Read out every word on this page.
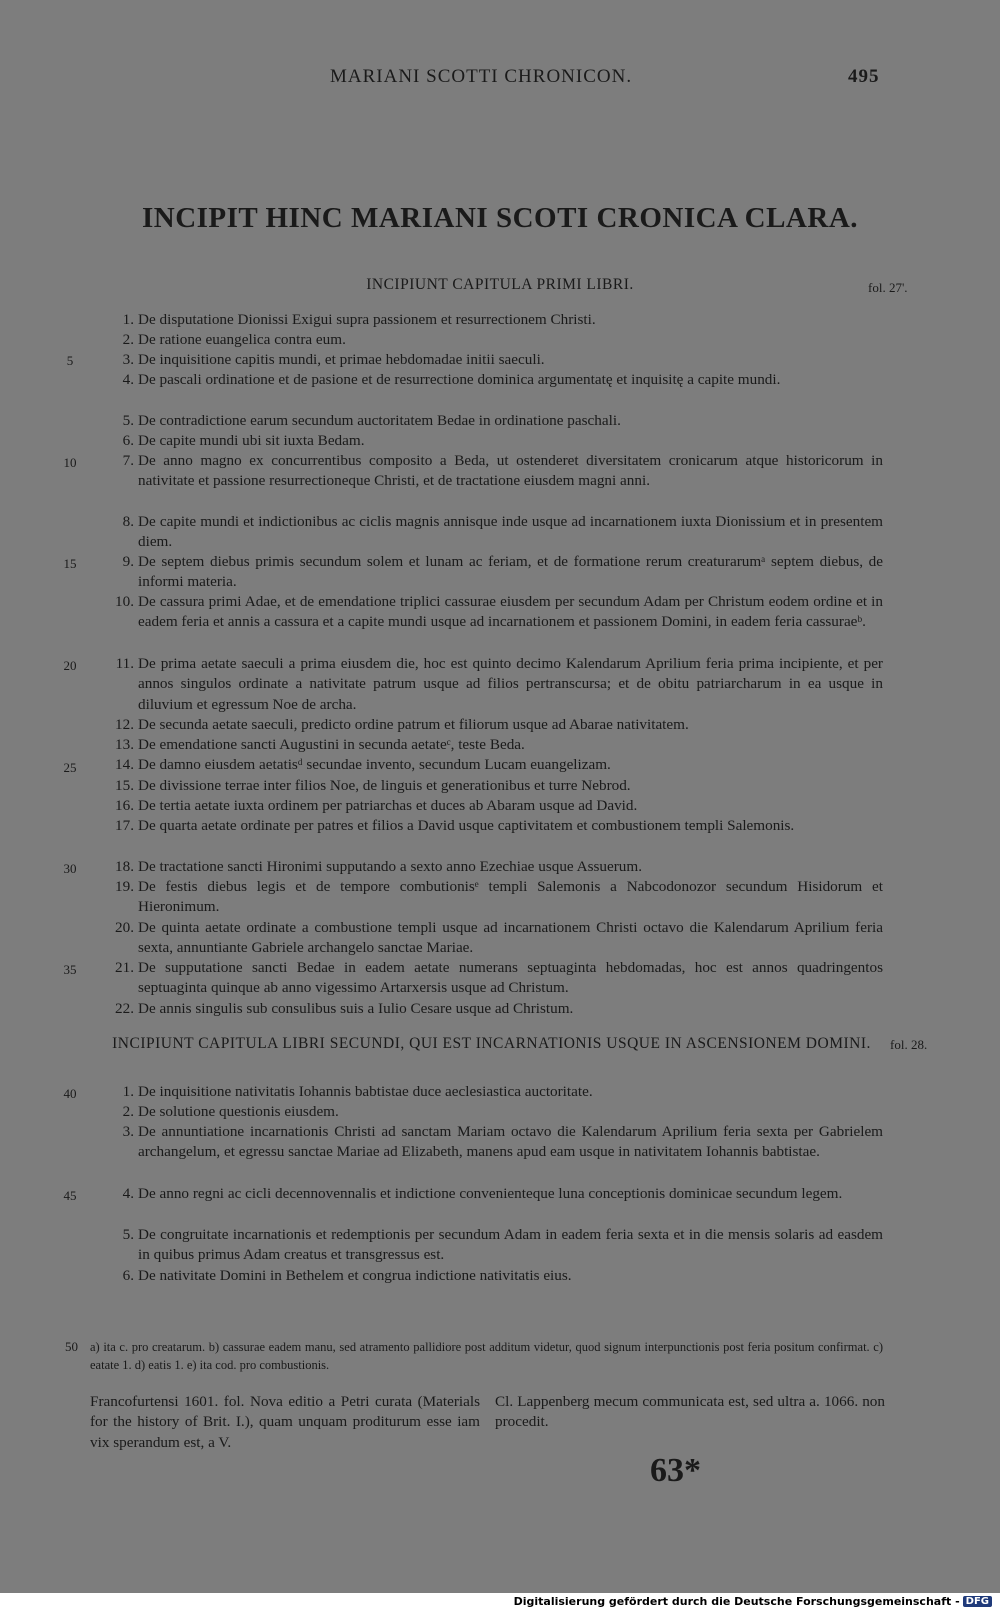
MARIANI SCOTTI CHRONICON.	495
INCIPIT HINC MARIANI SCOTI CRONICA CLARA.
INCIPIUNT CAPITULA PRIMI LIBRI.	fol. 27'.
1. De disputatione Dionissi Exigui supra passionem et resurrectionem Christi.
2. De ratione euangelica contra eum.
3. De inquisitione capitis mundi, et primae hebdomadae initii saeculi.
4. De pascali ordinatione et de pasione et de resurrectione dominica argumentatę et inquisitę a capite mundi.
5. De contradictione earum secundum auctoritatem Bedae in ordinatione paschali.
6. De capite mundi ubi sit iuxta Bedam.
7. De anno magno ex concurrentibus composito a Beda, ut ostenderet diversitatem cronicarum atque historicorum in nativitate et passione resurrectioneque Christi, et de tractatione eiusdem magni anni.
8. De capite mundi et indictionibus ac ciclis magnis annisque inde usque ad incarnationem iuxta Dionissium et in presentem diem.
9. De septem diebus primis secundum solem et lunam ac feriam, et de formatione rerum creaturarumᵃ septem diebus, de informi materia.
10. De cassura primi Adae, et de emendatione triplici cassurae eiusdem per secundum Adam per Christum eodem ordine et in eadem feria et annis a cassura et a capite mundi usque ad incarnationem et passionem Domini, in eadem feria cassuraeᵇ.
11. De prima aetate saeculi a prima eiusdem die, hoc est quinto decimo Kalendarum Aprilium feria prima incipiente, et per annos singulos ordinate a nativitate patrum usque ad filios pertranscursa; et de obitu patriarcharum in ea usque in diluvium et egressum Noe de archa.
12. De secunda aetate saeculi, predicto ordine patrum et filiorum usque ad Abarae nativitatem.
13. De emendatione sancti Augustini in secunda aetateᶜ, teste Beda.
14. De damno eiusdem aetatisᵈ secundae invento, secundum Lucam euangelizam.
15. De divissione terrae inter filios Noe, de linguis et generationibus et turre Nebrod.
16. De tertia aetate iuxta ordinem per patriarchas et duces ab Abaram usque ad David.
17. De quarta aetate ordinate per patres et filios a David usque captivitatem et combustionem templi Salemonis.
18. De tractatione sancti Hironimi supputando a sexto anno Ezechiae usque Assuerum.
19. De festis diebus legis et de tempore combutionisᵉ templi Salemonis a Nabcodonozor secundum Hisidorum et Hieronimum.
20. De quinta aetate ordinate a combustione templi usque ad incarnationem Christi octavo die Kalendarum Aprilium feria sexta, annuntiante Gabriele archangelo sanctae Mariae.
21. De supputatione sancti Bedae in eadem aetate numerans septuaginta hebdomadas, hoc est annos quadringentos septuaginta quinque ab anno vigessimo Artarxersis usque ad Christum.
22. De annis singulis sub consulibus suis a Iulio Cesare usque ad Christum.
INCIPIUNT CAPITULA LIBRI SECUNDI, QUI EST INCARNATIONIS USQUE IN ASCENSIONEM DOMINI.	fol. 28.
1. De inquisitione nativitatis Iohannis babtistae duce aeclesiastica auctoritate.
2. De solutione questionis eiusdem.
3. De annuntiatione incarnationis Christi ad sanctam Mariam octavo die Kalendarum Aprilium feria sexta per Gabrielem archangelum, et egressu sanctae Mariae ad Elizabeth, manens apud eam usque in nativitatem Iohannis babtistae.
4. De anno regni ac cicli decennovennalis et indictione convenienteque luna conceptionis dominicae secundum legem.
5. De congruitate incarnationis et redemptionis per secundum Adam in eadem feria sexta et in die mensis solaris ad easdem in quibus primus Adam creatus et transgressus est.
6. De nativitate Domini in Bethelem et congrua indictione nativitatis eius.
5
10
15
20
25
30
35
40
45
50 a) ita c. pro creatarum. b) cassurae eadem manu, sed atramento pallidiore post additum videtur, quod signum interpunctionis post feria positum confirmat. c) eatate 1. d) eatis 1. e) ita cod. pro combustionis.
Francofurtensi 1601. fol. Nova editio a Petri curata (Materials for the history of Brit. I.), quam unquam proditurum esse iam vix sperandum est, a V.
Cl. Lappenberg mecum communicata est, sed ultra a. 1066. non procedit.
63*
Digitalisierung gefördert durch die Deutsche Forschungsgemeinschaft - DFG
